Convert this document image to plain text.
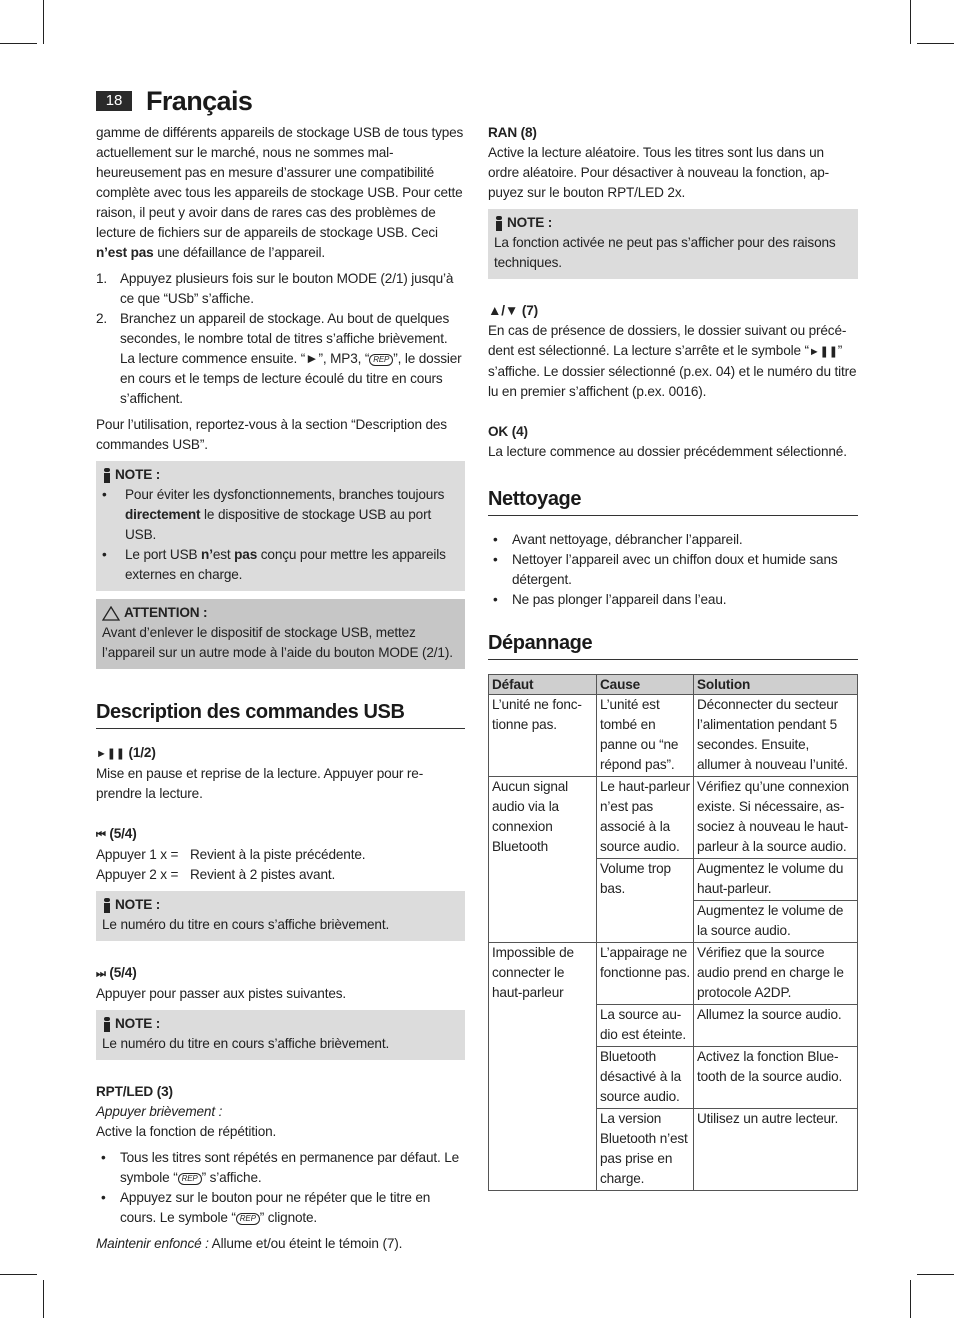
18 Français

gamme de différents appareils de stockage USB de tous types actuellement sur le marché, nous ne sommes mal-heureusement pas en mesure d’assurer une compatibilité complète avec tous les appareils de stockage USB. Pour cette raison, il peut y avoir dans de rares cas des problèmes de lecture de fichiers sur de appareils de stockage USB. Ceci n’est pas une défaillance de l’appareil.

1. Appuyez plusieurs fois sur le bouton MODE (2/1) jusqu’à ce que “USb” s’affiche.
2. Branchez un appareil de stockage. Au bout de quelques secondes, le nombre total de titres s’affiche brièvement. La lecture commence ensuite. “►”, MP3, “ REP ”, le dossier en cours et le temps de lecture écoulé du titre en cours s’affichent.

Pour l’utilisation, reportez-vous à la section “Description des commandes USB”.

NOTE :
• Pour éviter les dysfonctionnements, branches toujours directement le dispositive de stockage USB au port USB.
• Le port USB n’est pas conçu pour mettre les appareils externes en charge.
ATTENTION :
Avant d’enlever le dispositif de stockage USB, mettez l’appareil sur un autre mode à l’aide du bouton MODE (2/1).
Description des commandes USB
►❚❚ (1/2)

Mise en pause et reprise de la lecture. Appuyer pour re-prendre la lecture.

⏮ (5/4)
Appuyer 1 x = Revient à la piste précédente.
Appuyer 2 x = Revient à 2 pistes avant.
NOTE :
Le numéro du titre en cours s’affiche brièvement.
⏭ (5/4)

Appuyer pour passer aux pistes suivantes.

NOTE :
Le numéro du titre en cours s’affiche brièvement.
RPT/LED (3)
Appuyer brièvement :

Active la fonction de répétition.

• Tous les titres sont répétés en permanence par défaut. Le symbole “ REP ” s’affiche.
• Appuyez sur le bouton pour ne répéter que le titre en cours. Le symbole “ REP ” clignote.

Maintenir enfoncé : Allume et/ou éteint le témoin (7).

RAN (8)

Active la lecture aléatoire. Tous les titres sont lus dans un ordre aléatoire. Pour désactiver à nouveau la fonction, ap-puyez sur le bouton RPT/LED 2x.

NOTE :
La fonction activée ne peut pas s’afficher pour des raisons techniques.
▲/▼ (7)

En cas de présence de dossiers, le dossier suivant ou précé-dent est sélectionné. La lecture s’arrête et le symbole “►❚❚” s’affiche. Le dossier sélectionné (p.ex. 04) et le numéro du titre lu en premier s’affichent (p.ex. 0016).

OK (4)

La lecture commence au dossier précédemment sélectionné.

Nettoyage
• Avant nettoyage, débrancher l’appareil.
• Nettoyer l’appareil avec un chiffon doux et humide sans détergent.
• Ne pas plonger l’appareil dans l’eau.
Dépannage
Défaut	Cause	Solution
L’unité ne fonc-tionne pas.	L’unité est tombé en panne ou “ne répond pas”.	Déconnecter du secteur l’alimentation pendant 5 secondes. Ensuite, allumer à nouveau l’unité.
Aucun signal audio via la connexion Bluetooth	Le haut-parleur n’est pas associé à la source audio.	Vérifiez qu’une connexion existe. Si nécessaire, as-sociez à nouveau le haut-parleur à la source audio.
	Volume trop bas.	Augmentez le volume du haut-parleur.
		Augmentez le volume de la source audio.
Impossible de connecter le haut-parleur	L’appairage ne fonctionne pas.	Vérifiez que la source audio prend en charge le protocole A2DP.
	La source au-dio est éteinte.	Allumez la source audio.
	Bluetooth désactivé à la source audio.	Activez la fonction Blue-tooth de la source audio.
	La version Bluetooth n’est pas prise en charge.	Utilisez un autre lecteur.
